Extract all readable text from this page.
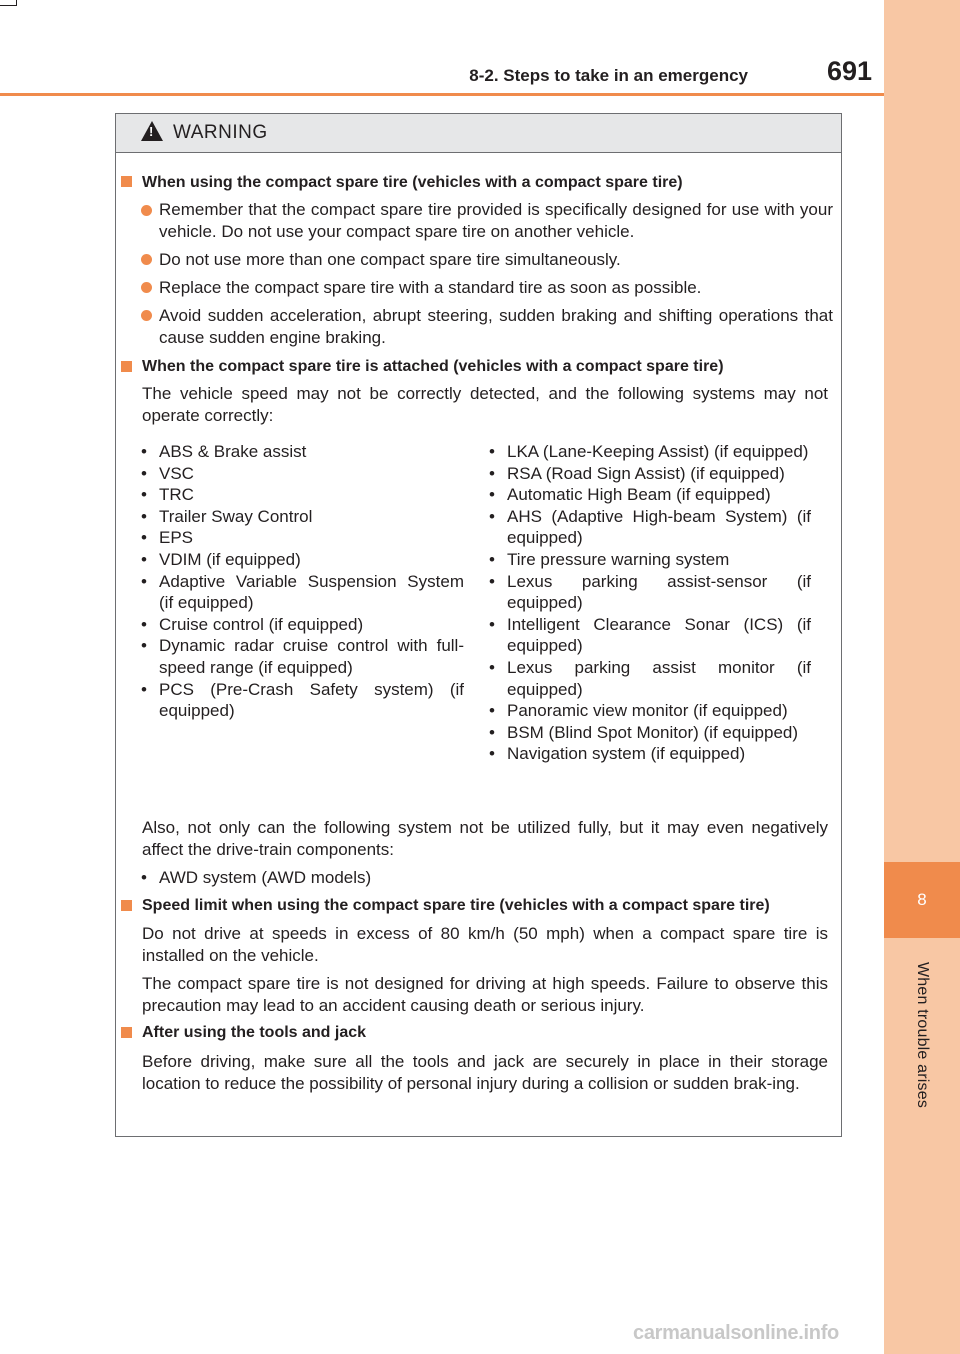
8
When trouble arises
8-2. Steps to take in an emergency	691
!
WARNING
When using the compact spare tire (vehicles with a compact spare tire)
Remember that the compact spare tire provided is specifically designed for use with your vehicle. Do not use your compact spare tire on another vehicle.
Do not use more than one compact spare tire simultaneously.
Replace the compact spare tire with a standard tire as soon as possible.
Avoid sudden acceleration, abrupt steering, sudden braking and shifting operations that cause sudden engine braking.
When the compact spare tire is attached (vehicles with a compact spare tire)
The vehicle speed may not be correctly detected, and the following systems may not operate correctly:
• ABS & Brake assist
• VSC
• TRC
• Trailer Sway Control
• EPS
• VDIM (if equipped)
• Adaptive Variable Suspension System (if equipped)
• Cruise control (if equipped)
• Dynamic radar cruise control with full-speed range (if equipped)
• PCS (Pre-Crash Safety system) (if equipped)
• LKA (Lane-Keeping Assist) (if equipped)
• RSA (Road Sign Assist) (if equipped)
• Automatic High Beam (if equipped)
• AHS (Adaptive High-beam System) (if equipped)
• Tire pressure warning system
• Lexus parking assist-sensor (if equipped)
• Intelligent Clearance Sonar (ICS) (if equipped)
• Lexus parking assist monitor (if equipped)
• Panoramic view monitor (if equipped)
• BSM (Blind Spot Monitor) (if equipped)
• Navigation system (if equipped)
Also, not only can the following system not be utilized fully, but it may even negatively affect the drive-train components:
• AWD system (AWD models)
Speed limit when using the compact spare tire (vehicles with a compact spare tire)
Do not drive at speeds in excess of 80 km/h (50 mph) when a compact spare tire is installed on the vehicle.
The compact spare tire is not designed for driving at high speeds. Failure to observe this precaution may lead to an accident causing death or serious injury.
After using the tools and jack
Before driving, make sure all the tools and jack are securely in place in their storage location to reduce the possibility of personal injury during a collision or sudden brak-ing.
carmanualsonline.info
